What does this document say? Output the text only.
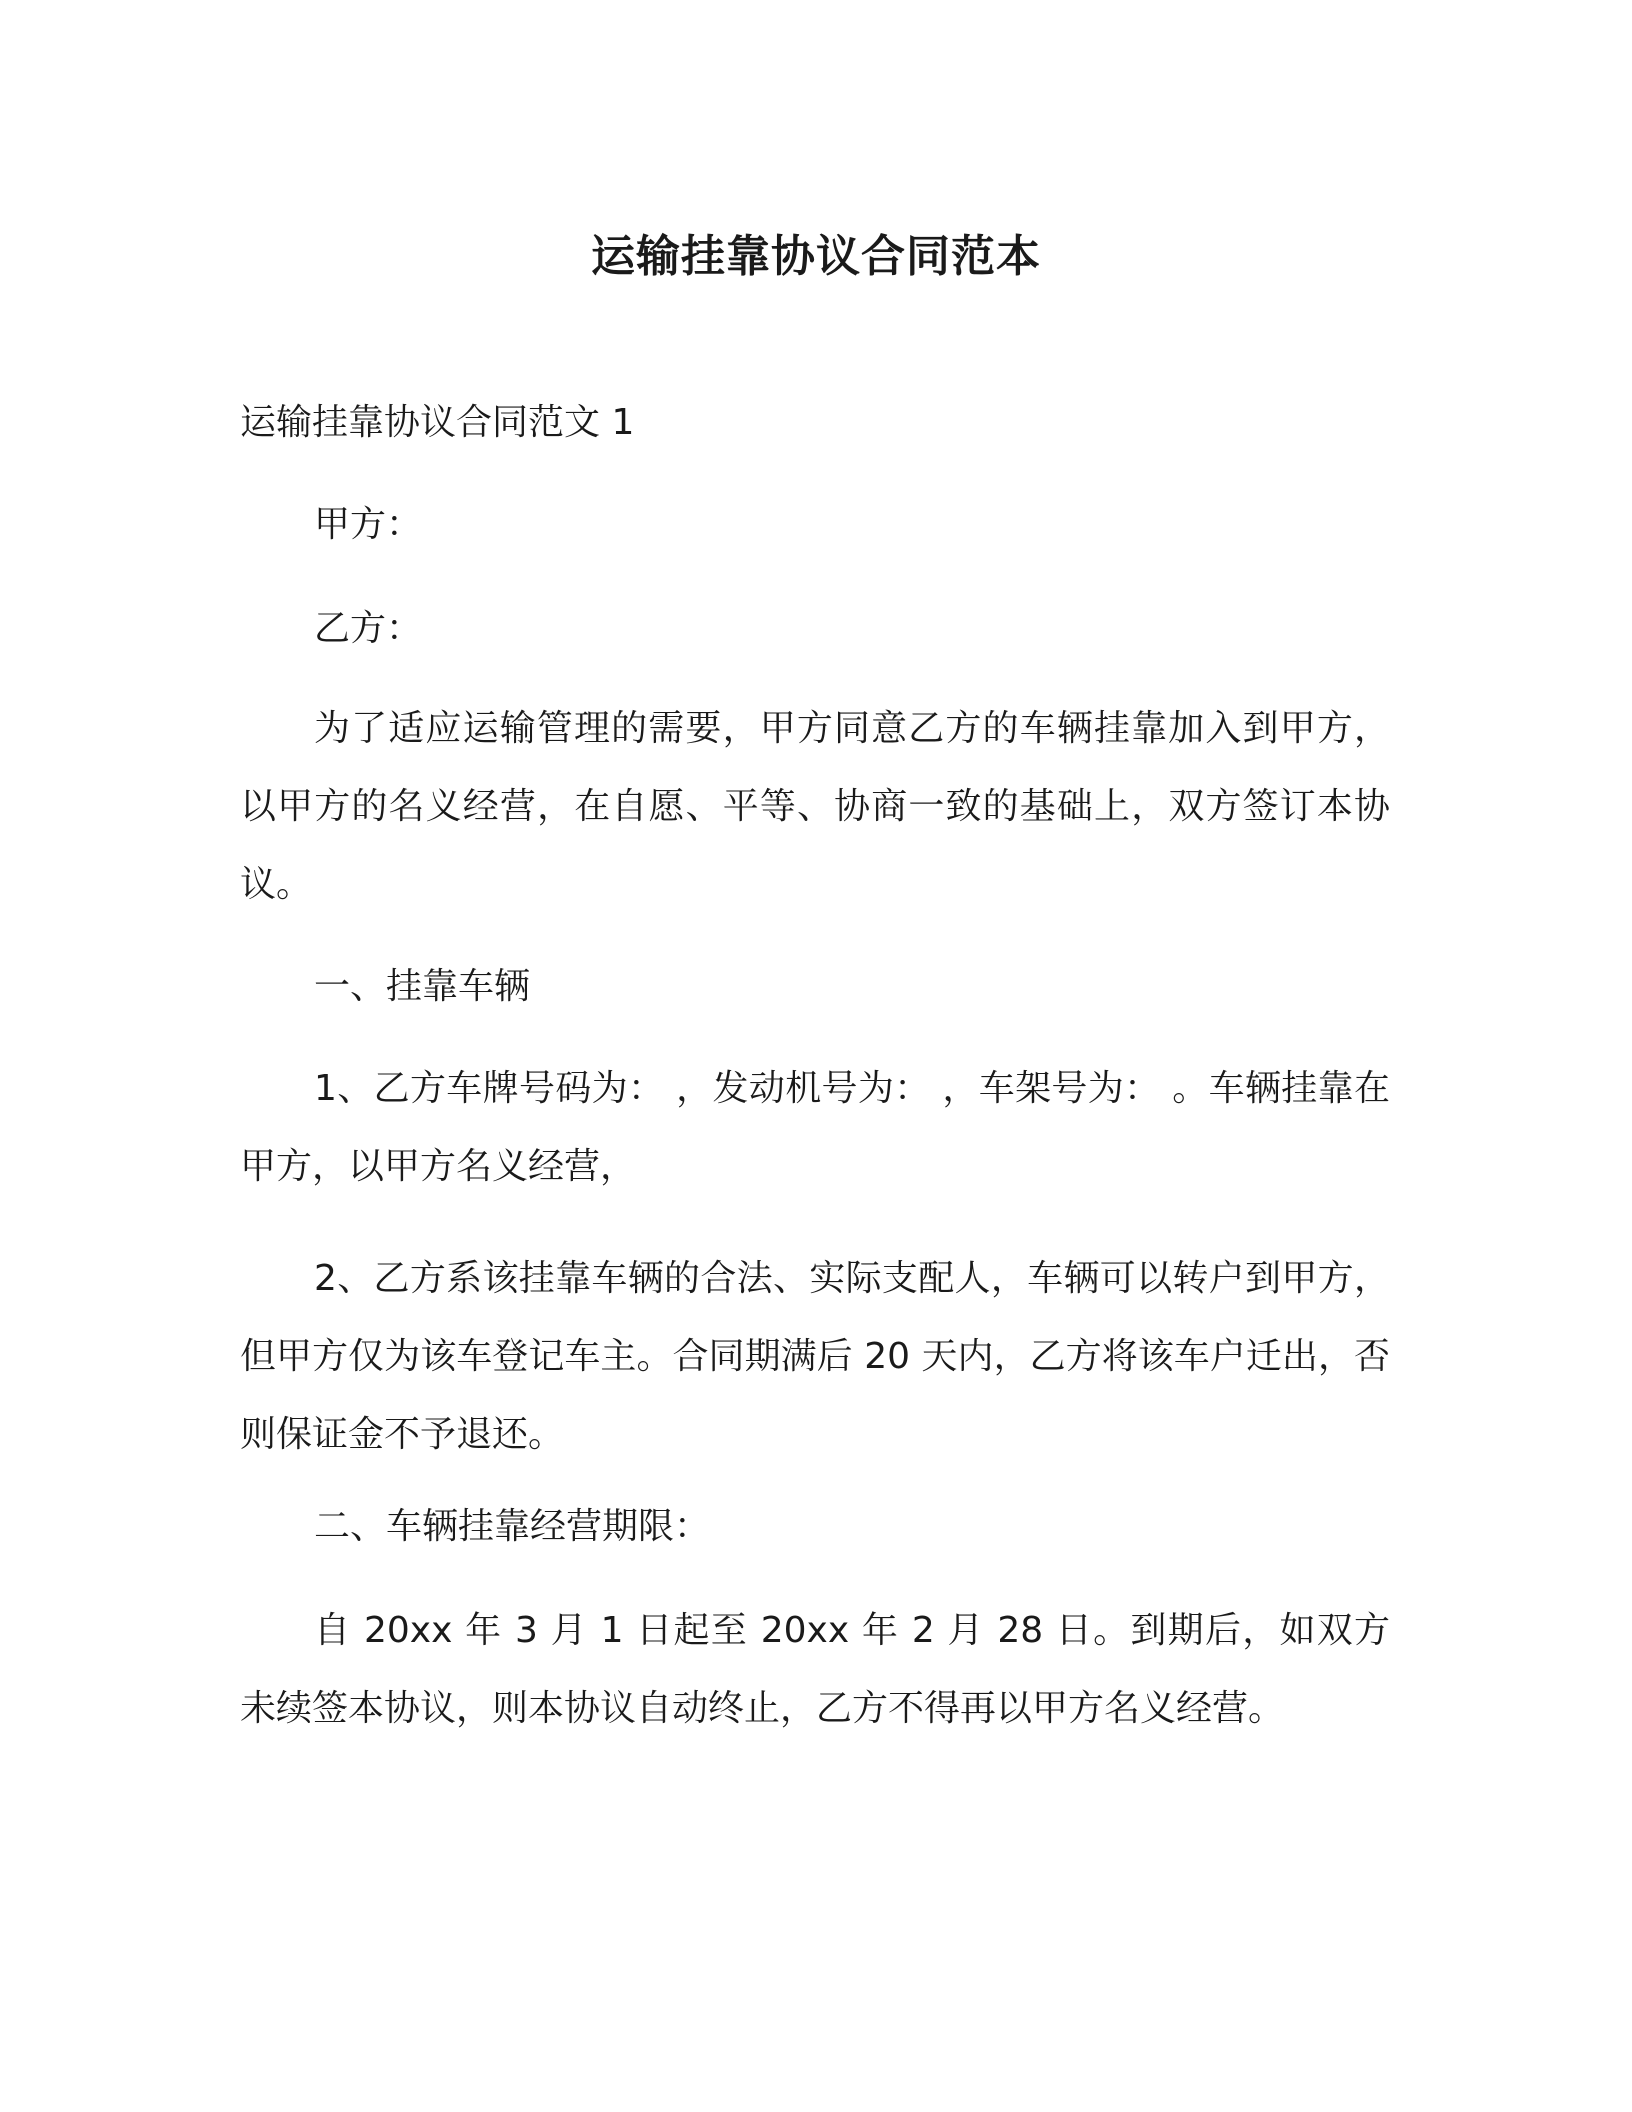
运输挂靠协议合同范本
运输挂靠协议合同范文 1
甲方：
乙方：
为了适应运输管理的需要，甲方同意乙方的车辆挂靠加入到甲方，以甲方的名义经营，在自愿、平等、协商一致的基础上，双方签订本协议。
一、挂靠车辆
1、乙方车牌号码为： ，发动机号为： ，车架号为： 。车辆挂靠在甲方，以甲方名义经营，
2、乙方系该挂靠车辆的合法、实际支配人，车辆可以转户到甲方，但甲方仅为该车登记车主。合同期满后 20 天内，乙方将该车户迁出，否则保证金不予退还。
二、车辆挂靠经营期限：
自 20xx 年 3 月 1 日起至 20xx 年 2 月 28 日。到期后，如双方未续签本协议，则本协议自动终止，乙方不得再以甲方名义经营。
